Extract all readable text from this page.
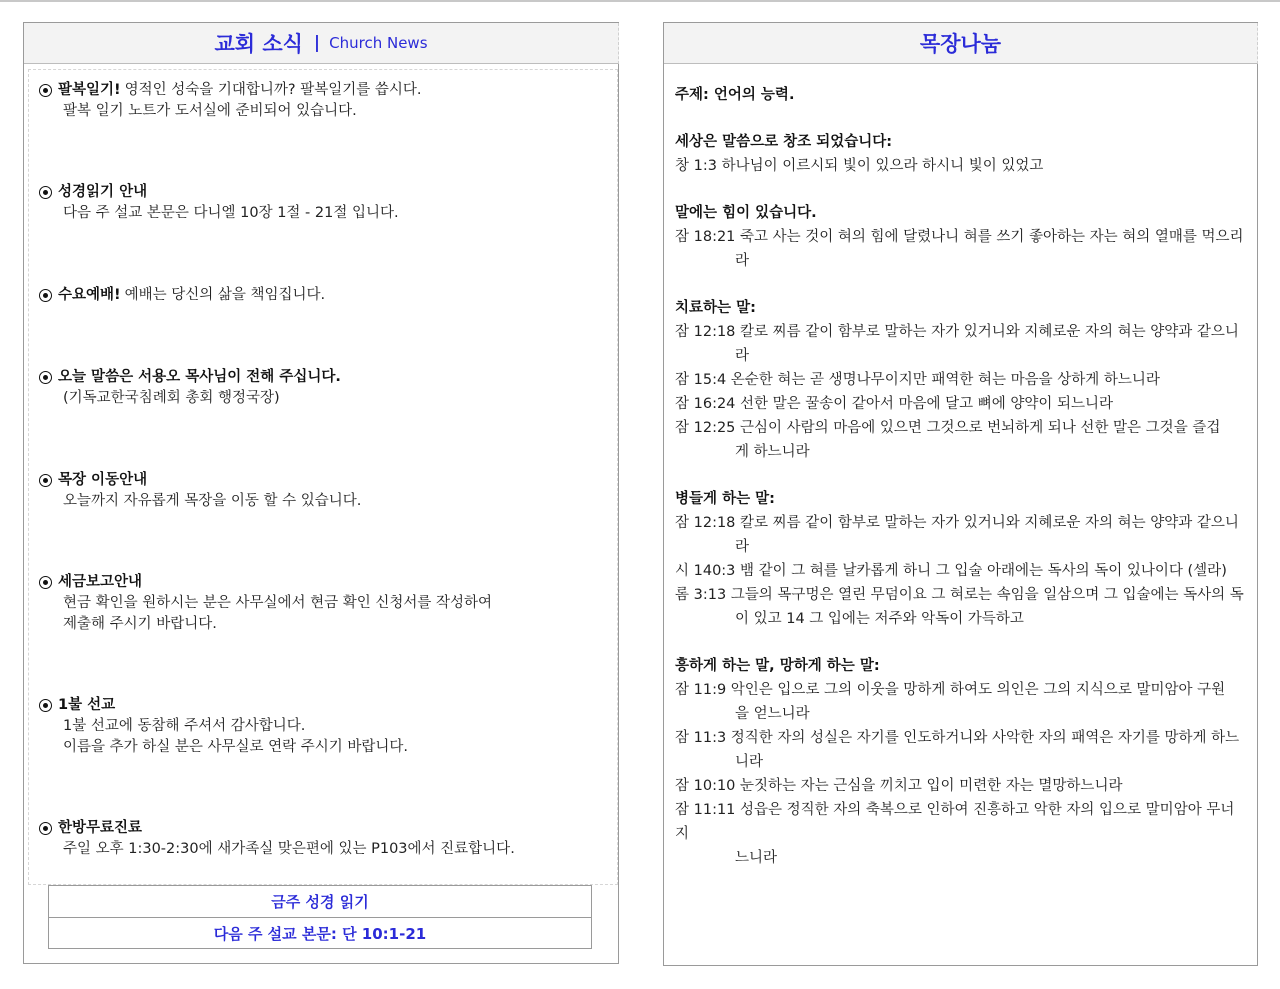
교회 소식 | Church News
팔복일기! 영적인 성숙을 기대합니까? 팔복일기를 씁시다.
팔복 일기 노트가 도서실에 준비되어 있습니다.
성경읽기 안내
다음 주 설교 본문은 다니엘 10장 1절 - 21절 입니다.
수요예배! 예배는 당신의 삶을 책임집니다.
오늘 말씀은 서용오 목사님이 전해 주십니다.
(기독교한국침례회 총회 행정국장)
목장 이동안내
오늘까지 자유롭게 목장을 이동 할 수 있습니다.
세금보고안내
현금 확인을 원하시는 분은 사무실에서 현금 확인 신청서를 작성하여
제출해 주시기 바랍니다.
1불 선교
1불 선교에 동참해 주셔서 감사합니다.
이름을 추가 하실 분은 사무실로 연락 주시기 바랍니다.
한방무료진료
주일 오후 1:30-2:30에 새가족실 맞은편에 있는 P103에서 진료합니다.
금주 성경 읽기
다음 주 설교 본문: 단 10:1-21
목장나눔
주제: 언어의 능력.
세상은 말씀으로 창조 되었습니다:
창 1:3 하나님이 이르시되 빛이 있으라 하시니 빛이 있었고
말에는 힘이 있습니다.
잠 18:21 죽고 사는 것이 혀의 힘에 달렸나니 혀를 쓰기 좋아하는 자는 혀의 열매를 먹으리
라
치료하는 말:
잠 12:18 칼로 찌름 같이 함부로 말하는 자가 있거니와 지혜로운 자의 혀는 양약과 같으니
라
잠 15:4 온순한 혀는 곧 생명나무이지만 패역한 혀는 마음을 상하게 하느니라
잠 16:24 선한 말은 꿀송이 같아서 마음에 달고 뼈에 양약이 되느니라
잠 12:25 근심이 사람의 마음에 있으면 그것으로 번뇌하게 되나 선한 말은 그것을 즐겁
게 하느니라
병들게 하는 말:
잠 12:18 칼로 찌름 같이 함부로 말하는 자가 있거니와 지혜로운 자의 혀는 양약과 같으니
라
시 140:3 뱀 같이 그 혀를 날카롭게 하니 그 입술 아래에는 독사의 독이 있나이다 (셀라)
롬 3:13 그들의 목구멍은 열린 무덤이요 그 혀로는 속임을 일삼으며 그 입술에는 독사의 독
이 있고 14 그 입에는 저주와 악독이 가득하고
흥하게 하는 말, 망하게 하는 말:
잠 11:9 악인은 입으로 그의 이웃을 망하게 하여도 의인은 그의 지식으로 말미암아 구원
을 얻느니라
잠 11:3 정직한 자의 성실은 자기를 인도하거니와 사악한 자의 패역은 자기를 망하게 하느
니라
잠 10:10 눈짓하는 자는 근심을 끼치고 입이 미련한 자는 멸망하느니라
잠 11:11 성읍은 정직한 자의 축복으로 인하여 진흥하고 악한 자의 입으로 말미암아 무너지
느니라
